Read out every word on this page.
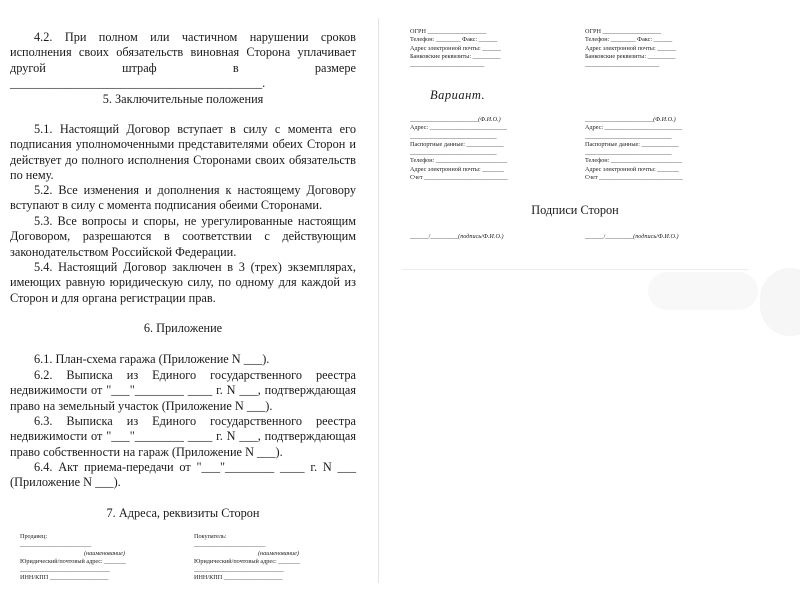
4.2. При полном или частичном нарушении сроков исполнения своих обязательств виновная Сторона уплачивает другой штраф в размере _________________________________________.

5. Заключительные положения

5.1. Настоящий Договор вступает в силу с момента его подписания уполномоченными представителями обеих Сторон и действует до полного исполнения Сторонами своих обязательств по нему.

5.2. Все изменения и дополнения к настоящему Договору вступают в силу с момента подписания обеими Сторонами.

5.3. Все вопросы и споры, не урегулированные настоящим Договором, разрешаются в соответствии с действующим законодательством Российской Федерации.

5.4. Настоящий Договор заключен в 3 (трех) экземплярах, имеющих равную юридическую силу, по одному для каждой из Сторон и для органа регистрации прав.

6. Приложение

6.1. План-схема гаража (Приложение N ___).

6.2. Выписка из Единого государственного реестра недвижимости от "___"________ ____ г. N ___, подтверждающая право на земельный участок (Приложение N ___).

6.3. Выписка из Единого государственного реестра недвижимости от "___"________ ____ г. N ___, подтверждающая право собственности на гараж (Приложение N ___).

6.4. Акт приема-передачи от "___"________ ____ г. N ___ (Приложение N ___).

7. Адреса, реквизиты Сторон

Продавец:
_______________________
(наименование)
Юридический/почтовый адрес: _______
_____________________________
ИНН/КПП ___________________
Покупатель:
_______________________
(наименование)
Юридический/почтовый адрес: _______
_____________________________
ИНН/КПП ___________________
ОГРН ___________________
Телефон: ________ Факс: ______
Адрес электронной почты: ______
Банковские реквизиты: _________
________________________
ОГРН ___________________
Телефон: ________ Факс: ______
Адрес электронной почты: ______
Банковские реквизиты: _________
________________________
Вариант.
______________________(Ф.И.О.)
Адрес: _________________________
____________________________
Паспортные данные: ____________
____________________________
Телефон: _______________________
Адрес электронной почты: _______
Счет ___________________________
______________________(Ф.И.О.)
Адрес: _________________________
____________________________
Паспортные данные: ____________
____________________________
Телефон: _______________________
Адрес электронной почты: _______
Счет ___________________________
Подписи Сторон
______/_________(подпись/Ф.И.О.)	______/_________(подпись/Ф.И.О.)
